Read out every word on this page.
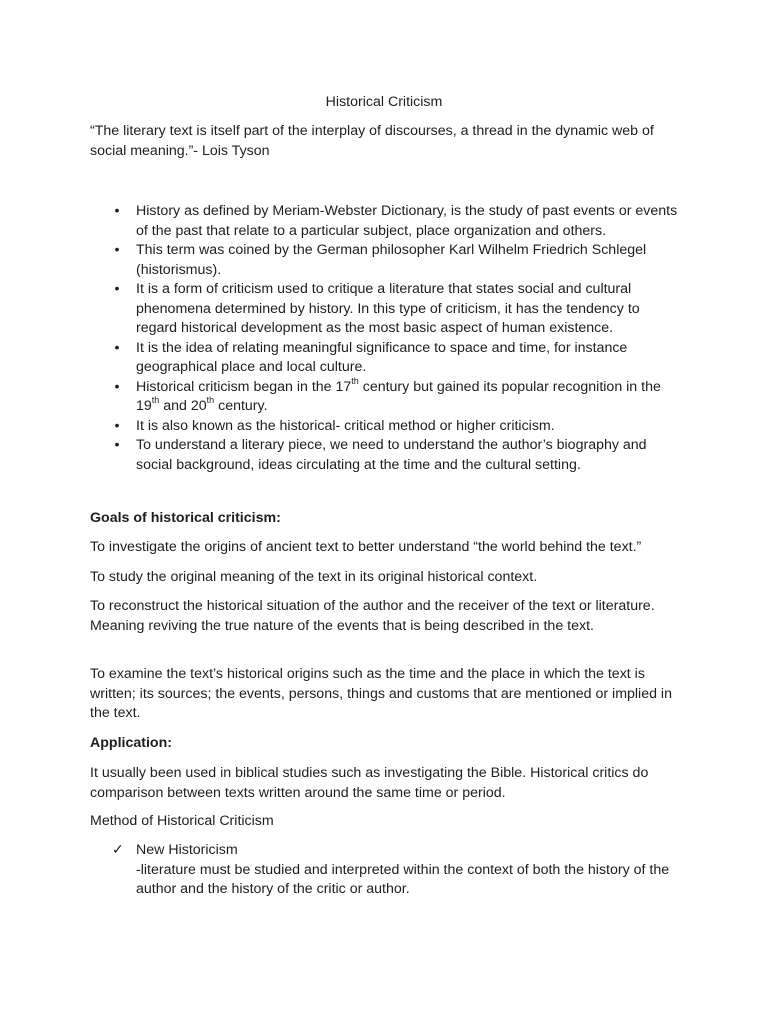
Historical Criticism
“The literary text is itself part of the interplay of discourses, a thread in the dynamic web of social meaning.”- Lois Tyson
•	History as defined by Meriam-Webster Dictionary, is the study of past events or events of the past that relate to a particular subject, place organization and others.
•	This term was coined by the German philosopher Karl Wilhelm Friedrich Schlegel (historismus).
•	It is a form of criticism used to critique a literature that states social and cultural phenomena determined by history. In this type of criticism, it has the tendency to regard historical development as the most basic aspect of human existence.
•	It is the idea of relating meaningful significance to space and time, for instance geographical place and local culture.
•	Historical criticism began in the 17th century but gained its popular recognition in the 19th and 20th century.
•	It is also known as the historical- critical method or higher criticism.
•	To understand a literary piece, we need to understand the author’s biography and social background, ideas circulating at the time and the cultural setting.
Goals of historical criticism:
To investigate the origins of ancient text to better understand “the world behind the text.”
To study the original meaning of the text in its original historical context.
To reconstruct the historical situation of the author and the receiver of the text or literature. Meaning reviving the true nature of the events that is being described in the text.
To examine the text’s historical origins such as the time and the place in which the text is written; its sources; the events, persons, things and customs that are mentioned or implied in the text.
Application:
It usually been used in biblical studies such as investigating the Bible. Historical critics do comparison between texts written around the same time or period.
Method of Historical Criticism
✓ New Historicism
-literature must be studied and interpreted within the context of both the history of the author and the history of the critic or author.
